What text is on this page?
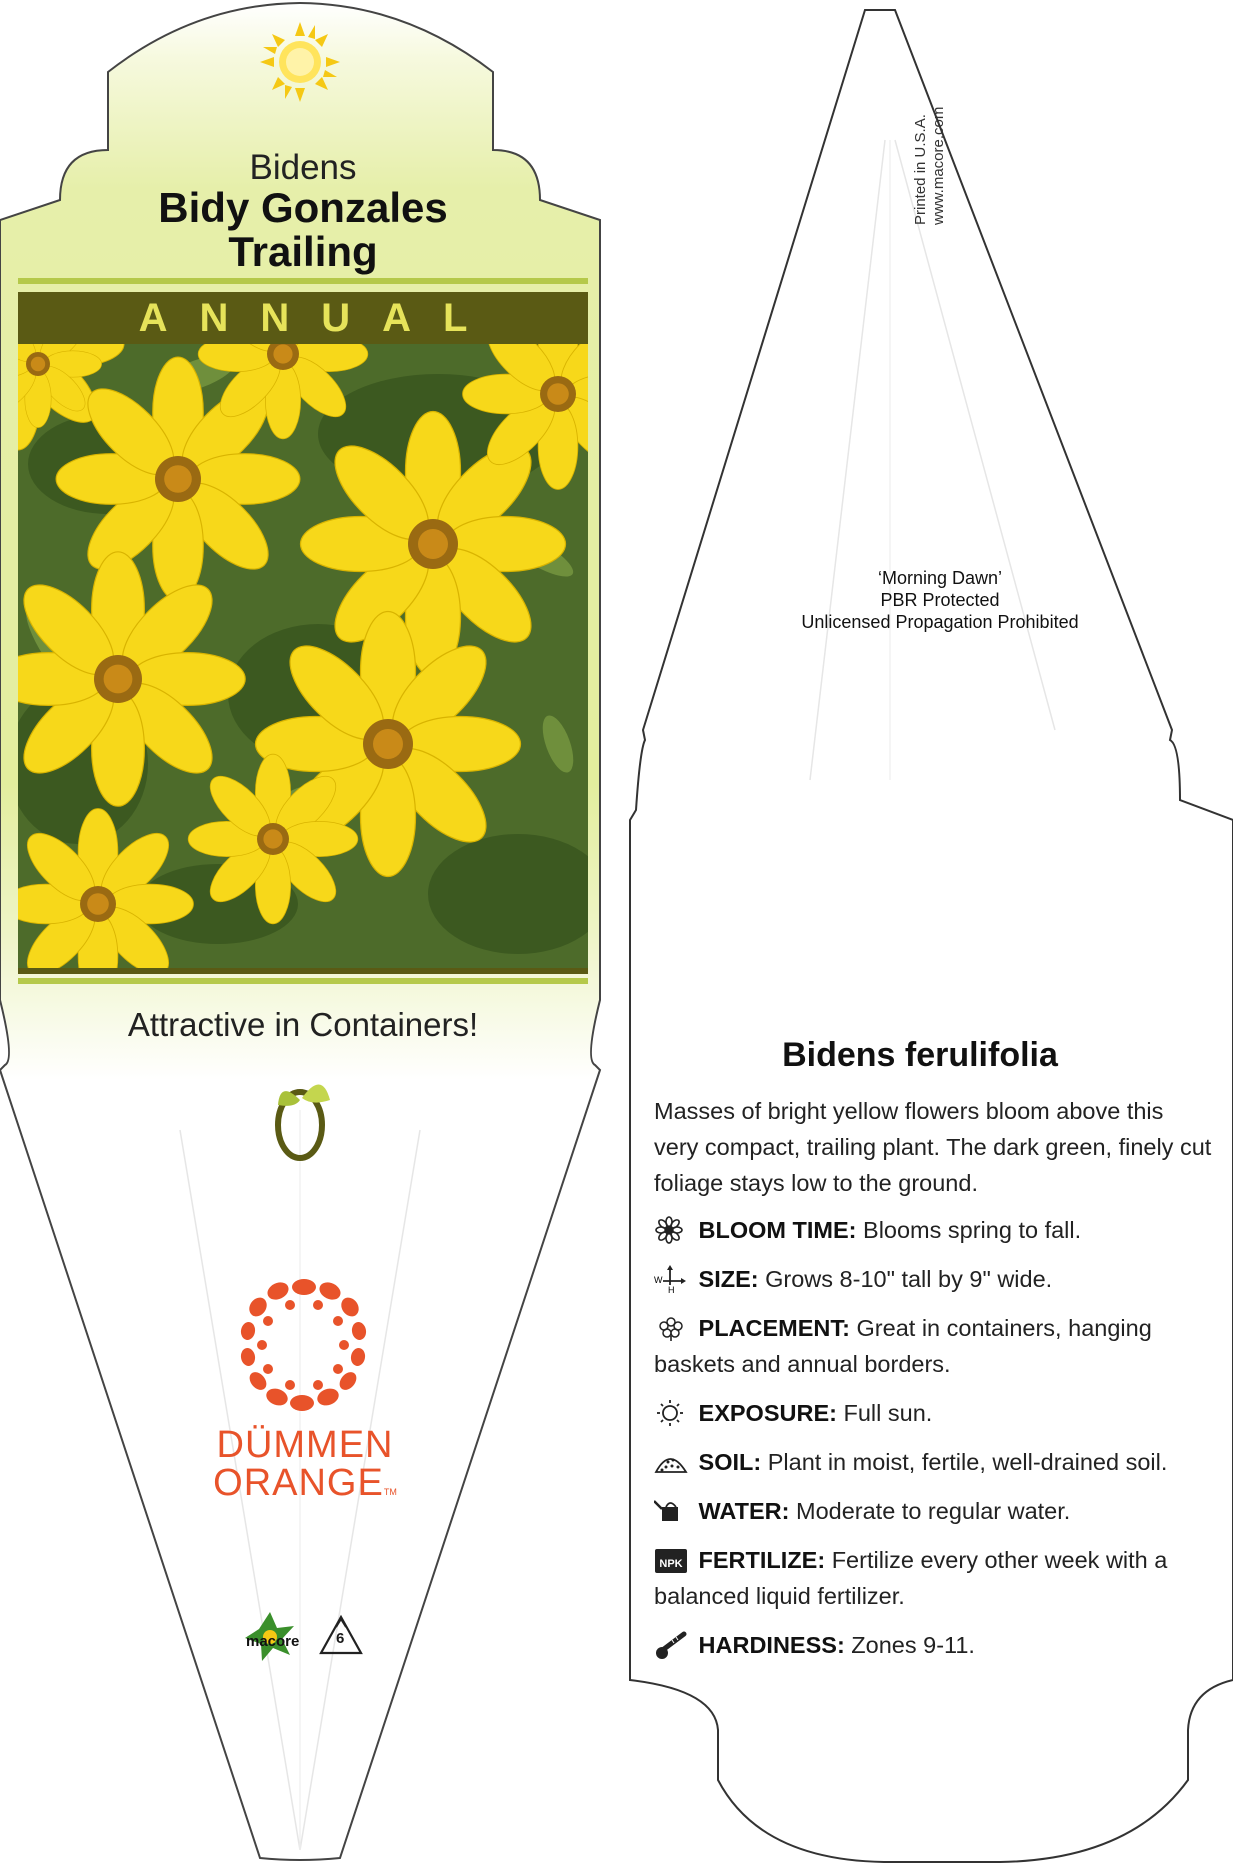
Bidens
Bidy Gonzales
Trailing
ANNUAL
Attractive in Containers!
DÜMMEN
ORANGETM
macore 6
Printed in U.S.A. www.macore.com
‘Morning Dawn’
PBR Protected
Unlicensed Propagation Prohibited
Bidens ferulifolia
Masses of bright yellow flowers bloom above this very compact, trailing plant. The dark green, finely cut foliage stays low to the ground.
BLOOM TIME: Blooms spring to fall.
W
H SIZE: Grows 8-10" tall by 9" wide.
PLACEMENT: Great in containers, hanging baskets and annual borders.
EXPOSURE: Full sun.
SOIL: Plant in moist, fertile, well-drained soil.
WATER: Moderate to regular water.
NPK FERTILIZE: Fertilize every other week with a balanced liquid fertilizer.
HARDINESS: Zones 9-11.
